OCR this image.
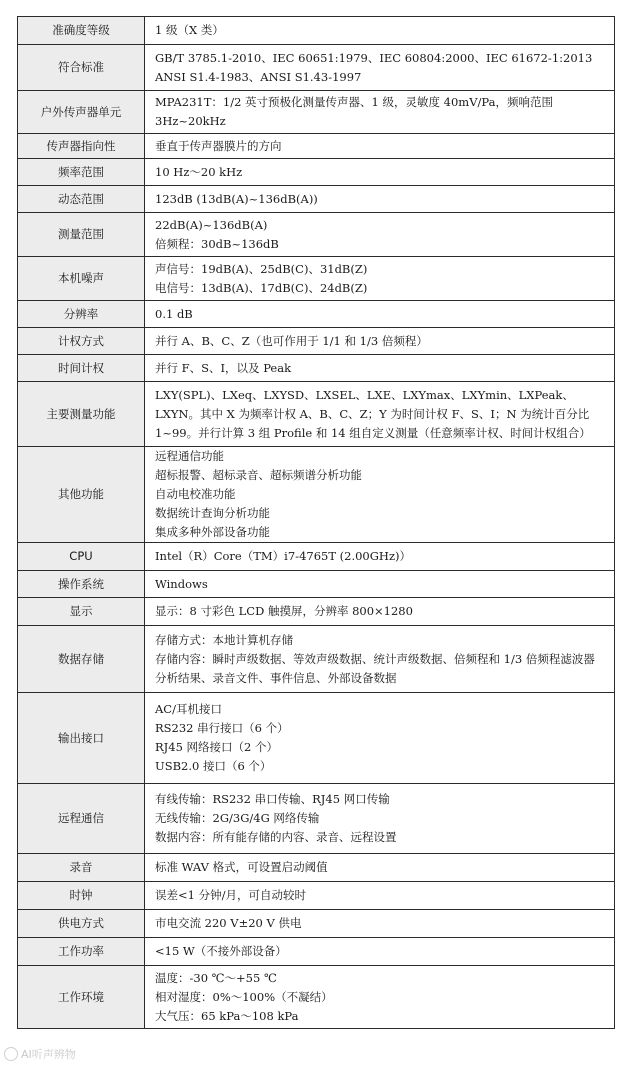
准确度等级	1 级（X 类）

符合标准	GB/T 3785.1-2010、IEC 60651:1979、IEC 60804:2000、IEC 61672-1:2013
ANSI S1.4-1983、ANSI S1.43-1997

户外传声器单元	MPA231T：1/2 英寸预极化测量传声器、1 级，灵敏度 40mV/Pa，频响范围 3Hz~20kHz

传声器指向性	垂直于传声器膜片的方向

频率范围	10 Hz～20 kHz

动态范围	123dB (13dB(A)~136dB(A))

测量范围	22dB(A)~136dB(A)
倍频程：30dB~136dB

本机噪声	声信号：19dB(A)、25dB(C)、31dB(Z)
电信号：13dB(A)、17dB(C)、24dB(Z)

分辨率	0.1 dB

计权方式	并行 A、B、C、Z（也可作用于 1/1 和 1/3 倍频程）

时间计权	并行 F、S、I，以及 Peak

主要测量功能	LXY(SPL)、LXeq、LXYSD、LXSEL、LXE、LXYmax、LXYmin、LXPeak、LXYN。其中 X 为频率计权 A、B、C、Z；Y 为时间计权 F、S、I；N 为统计百分比 1~99。并行计算 3 组 Profile 和 14 组自定义测量（任意频率计权、时间计权组合）

其他功能	远程通信功能
超标报警、超标录音、超标频谱分析功能
自动电校准功能
数据统计查询分析功能
集成多种外部设备功能

CPU	Intel（R）Core（TM）i7-4765T (2.00GHz)）

操作系统	Windows

显示	显示：8 寸彩色 LCD 触摸屏，分辨率 800×1280

数据存储	存储方式：本地计算机存储
存储内容：瞬时声级数据、等效声级数据、统计声级数据、倍频程和 1/3 倍频程滤波器分析结果、录音文件、事件信息、外部设备数据

输出接口	AC/耳机接口
RS232 串行接口（6 个）
RJ45 网络接口（2 个）
USB2.0 接口（6 个）

远程通信	有线传输：RS232 串口传输、RJ45 网口传输
无线传输：2G/3G/4G 网络传输
数据内容：所有能存储的内容、录音、远程设置

录音	标准 WAV 格式，可设置启动阈值

时钟	误差<1 分钟/月，可自动较时

供电方式	市电交流 220 V±20 V 供电

工作功率	<15 W（不接外部设备）

工作环境	温度：-30 ℃～+55 ℃
相对湿度：0%～100%（不凝结）
大气压：65 kPa～108 kPa
AI听声辨物
